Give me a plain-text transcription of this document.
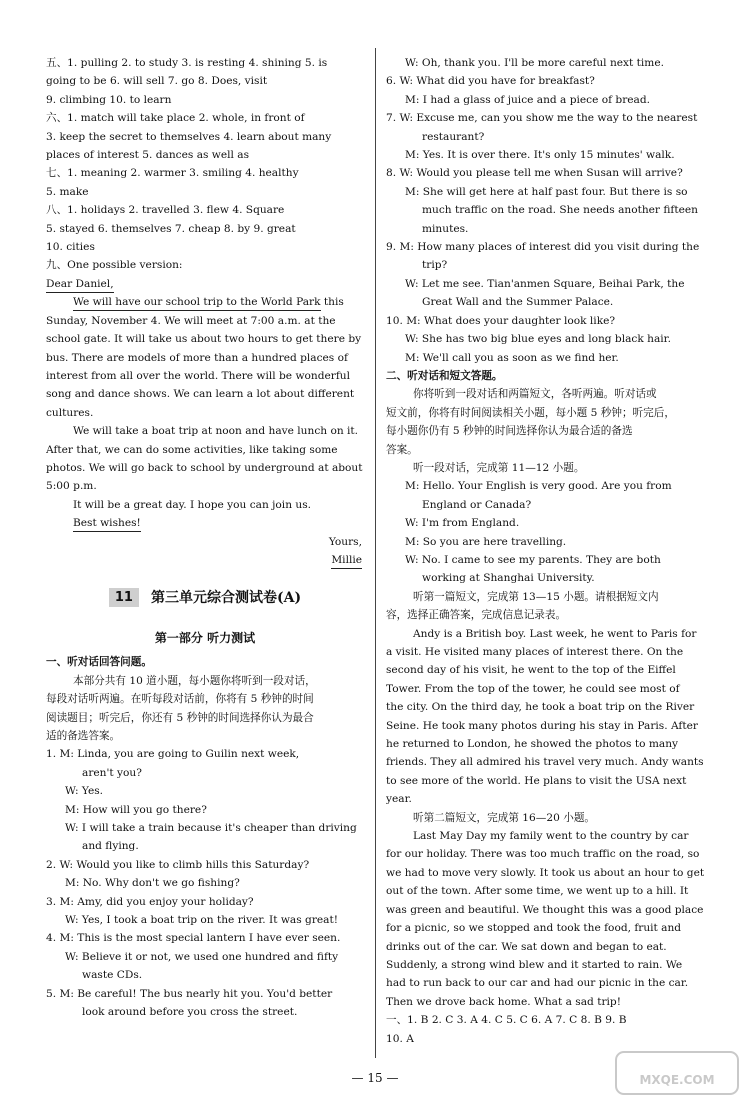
五、1. pulling 2. to study 3. is resting 4. shining 5. is
going to be 6. will sell 7. go 8. Does, visit
9. climbing 10. to learn
六、1. match will take place 2. whole, in front of
3. keep the secret to themselves 4. learn about many
places of interest 5. dances as well as
七、1. meaning 2. warmer 3. smiling 4. healthy
5. make
八、1. holidays 2. travelled 3. flew 4. Square
5. stayed 6. themselves 7. cheap 8. by 9. great
10. cities
九、One possible version:
Dear Daniel,
We will have our school trip to the World Park this
Sunday, November 4. We will meet at 7:00 a.m. at the
school gate. It will take us about two hours to get there by
bus. There are models of more than a hundred places of
interest from all over the world. There will be wonderful
song and dance shows. We can learn a lot about different
cultures.
We will take a boat trip at noon and have lunch on it.
After that, we can do some activities, like taking some
photos. We will go back to school by underground at about
5:00 p.m.
It will be a great day. I hope you can join us.
Best wishes!
Yours,
Millie
11	第三单元综合测试卷(A)
第一部分 听力测试
一、听对话回答问题。
本部分共有 10 道小题，每小题你将听到一段对话，
每段对话听两遍。在听每段对话前，你将有 5 秒钟的时间
阅读题目；听完后，你还有 5 秒钟的时间选择你认为最合
适的备选答案。
1. M: Linda, you are going to Guilin next week,
aren't you?
W: Yes.
M: How will you go there?
W: I will take a train because it's cheaper than driving
and flying.
2. W: Would you like to climb hills this Saturday?
M: No. Why don't we go fishing?
3. M: Amy, did you enjoy your holiday?
W: Yes, I took a boat trip on the river. It was great!
4. M: This is the most special lantern I have ever seen.
W: Believe it or not, we used one hundred and fifty
waste CDs.
5. M: Be careful! The bus nearly hit you. You'd better
look around before you cross the street.
W: Oh, thank you. I'll be more careful next time.
6. W: What did you have for breakfast?
M: I had a glass of juice and a piece of bread.
7. W: Excuse me, can you show me the way to the nearest
restaurant?
M: Yes. It is over there. It's only 15 minutes' walk.
8. W: Would you please tell me when Susan will arrive?
M: She will get here at half past four. But there is so
much traffic on the road. She needs another fifteen
minutes.
9. M: How many places of interest did you visit during the
trip?
W: Let me see. Tian'anmen Square, Beihai Park, the
Great Wall and the Summer Palace.
10. M: What does your daughter look like?
W: She has two big blue eyes and long black hair.
M: We'll call you as soon as we find her.
二、听对话和短文答题。
你将听到一段对话和两篇短文，各听两遍。听对话或
短文前，你将有时间阅读相关小题，每小题 5 秒钟；听完后，
每小题你仍有 5 秒钟的时间选择你认为最合适的备选
答案。
听一段对话，完成第 11—12 小题。
M: Hello. Your English is very good. Are you from
England or Canada?
W: I'm from England.
M: So you are here travelling.
W: No. I came to see my parents. They are both
working at Shanghai University.
听第一篇短文，完成第 13—15 小题。请根据短文内
容，选择正确答案，完成信息记录表。
Andy is a British boy. Last week, he went to Paris for
a visit. He visited many places of interest there. On the
second day of his visit, he went to the top of the Eiffel
Tower. From the top of the tower, he could see most of
the city. On the third day, he took a boat trip on the River
Seine. He took many photos during his stay in Paris. After
he returned to London, he showed the photos to many
friends. They all admired his travel very much. Andy wants
to see more of the world. He plans to visit the USA next
year.
听第二篇短文，完成第 16—20 小题。
Last May Day my family went to the country by car
for our holiday. There was too much traffic on the road, so
we had to move very slowly. It took us about an hour to get
out of the town. After some time, we went up to a hill. It
was green and beautiful. We thought this was a good place
for a picnic, so we stopped and took the food, fruit and
drinks out of the car. We sat down and began to eat.
Suddenly, a strong wind blew and it started to rain. We
had to run back to our car and had our picnic in the car.
Then we drove back home. What a sad trip!
一、1. B 2. C 3. A 4. C 5. C 6. A 7. C 8. B 9. B
10. A
— 15 —	MXQE.COM
